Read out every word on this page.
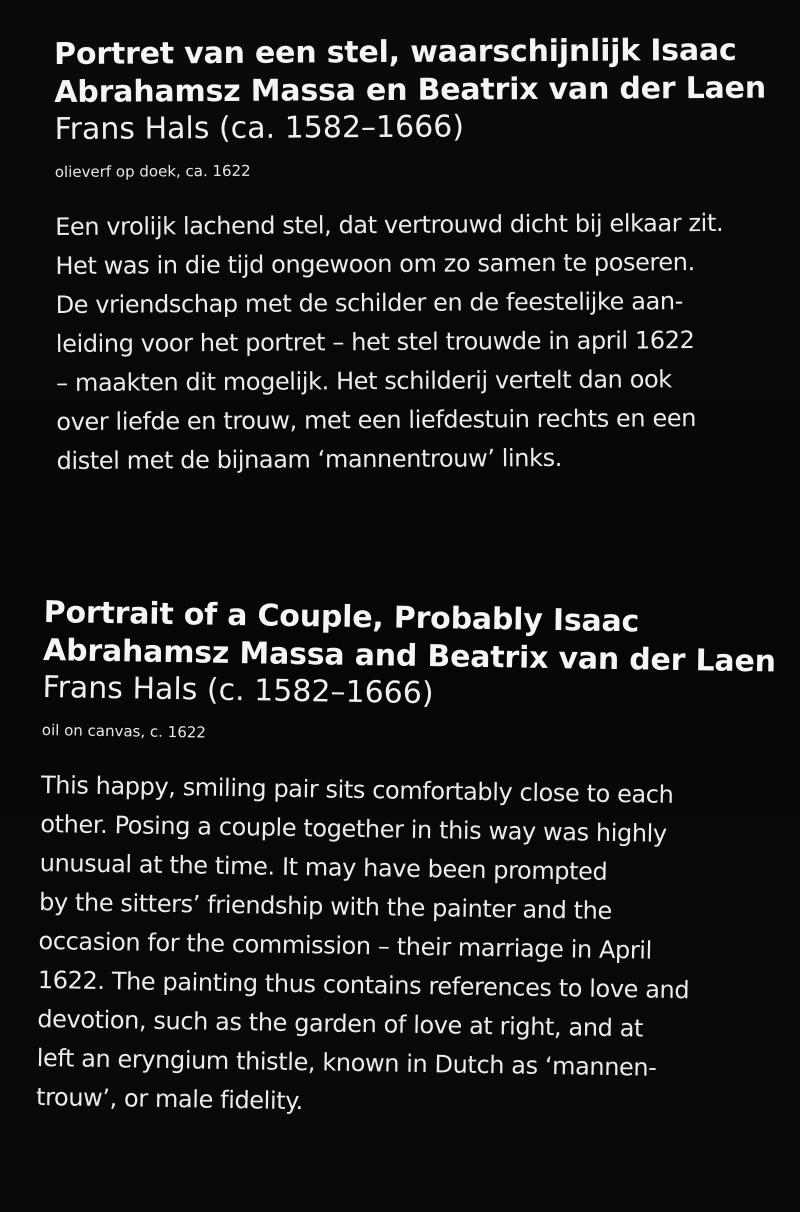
Portret van een stel, waarschijnlijk Isaac
Abrahamsz Massa en Beatrix van der Laen
Frans Hals (ca. 1582–1666)
olieverf op doek, ca. 1622
Een vrolijk lachend stel, dat vertrouwd dicht bij elkaar zit.
Het was in die tijd ongewoon om zo samen te poseren.
De vriendschap met de schilder en de feestelijke aan-
leiding voor het portret – het stel trouwde in april 1622
– maakten dit mogelijk. Het schilderij vertelt dan ook
over liefde en trouw, met een liefdestuin rechts en een
distel met de bijnaam ‘mannentrouw’ links.
Portrait of a Couple, Probably Isaac
Abrahamsz Massa and Beatrix van der Laen
Frans Hals (c. 1582–1666)
oil on canvas, c. 1622
This happy, smiling pair sits comfortably close to each
other. Posing a couple together in this way was highly
unusual at the time. It may have been prompted
by the sitters’ friendship with the painter and the
occasion for the commission – their marriage in April
1622. The painting thus contains references to love and
devotion, such as the garden of love at right, and at
left an eryngium thistle, known in Dutch as ‘mannen-
trouw’, or male fidelity.
